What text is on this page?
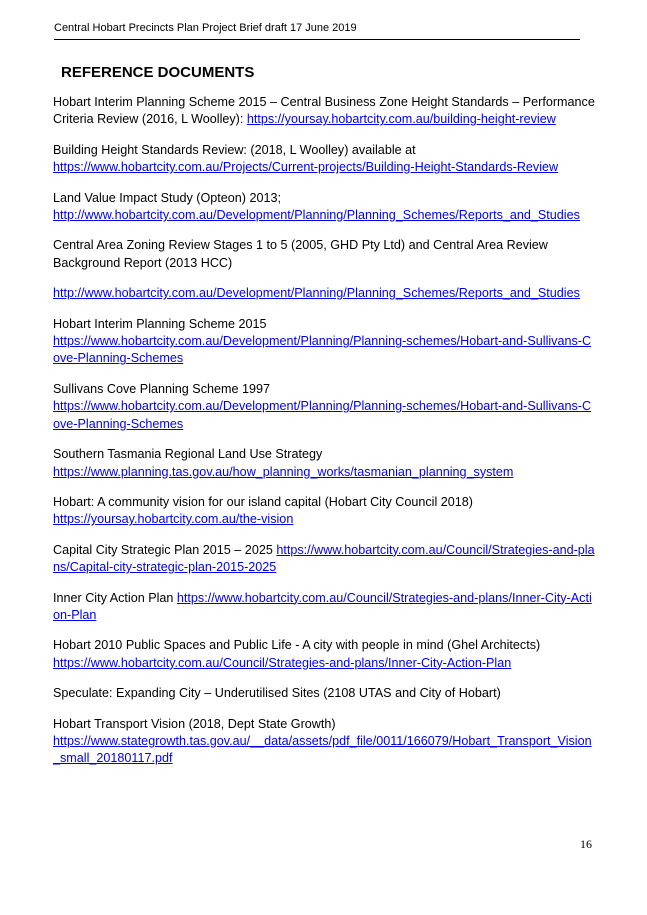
Central Hobart Precincts Plan Project Brief draft 17 June 2019
REFERENCE DOCUMENTS

Hobart Interim Planning Scheme 2015 – Central Business Zone Height Standards – Performance Criteria Review (2016, L Woolley): https://yoursay.hobartcity.com.au/building-height-review

Building Height Standards Review: (2018, L Woolley) available at
https://www.hobartcity.com.au/Projects/Current-projects/Building-Height-Standards-Review

Land Value Impact Study (Opteon) 2013;
http://www.hobartcity.com.au/Development/Planning/Planning_Schemes/Reports_and_Studies

Central Area Zoning Review Stages 1 to 5 (2005, GHD Pty Ltd) and Central Area Review Background Report (2013 HCC)

http://www.hobartcity.com.au/Development/Planning/Planning_Schemes/Reports_and_Studies

Hobart Interim Planning Scheme 2015
https://www.hobartcity.com.au/Development/Planning/Planning-schemes/Hobart-and-Sullivans-Cove-Planning-Schemes

Sullivans Cove Planning Scheme 1997
https://www.hobartcity.com.au/Development/Planning/Planning-schemes/Hobart-and-Sullivans-Cove-Planning-Schemes

Southern Tasmania Regional Land Use Strategy
https://www.planning.tas.gov.au/how_planning_works/tasmanian_planning_system

Hobart: A community vision for our island capital (Hobart City Council 2018)
https://yoursay.hobartcity.com.au/the-vision

Capital City Strategic Plan 2015 – 2025 https://www.hobartcity.com.au/Council/Strategies-and-plans/Capital-city-strategic-plan-2015-2025

Inner City Action Plan https://www.hobartcity.com.au/Council/Strategies-and-plans/Inner-City-Action-Plan

Hobart 2010 Public Spaces and Public Life - A city with people in mind (Ghel Architects)
https://www.hobartcity.com.au/Council/Strategies-and-plans/Inner-City-Action-Plan

Speculate: Expanding City – Underutilised Sites (2108 UTAS and City of Hobart)

Hobart Transport Vision (2018, Dept State Growth)
https://www.stategrowth.tas.gov.au/__data/assets/pdf_file/0011/166079/Hobart_Transport_Vision_small_20180117.pdf

16
